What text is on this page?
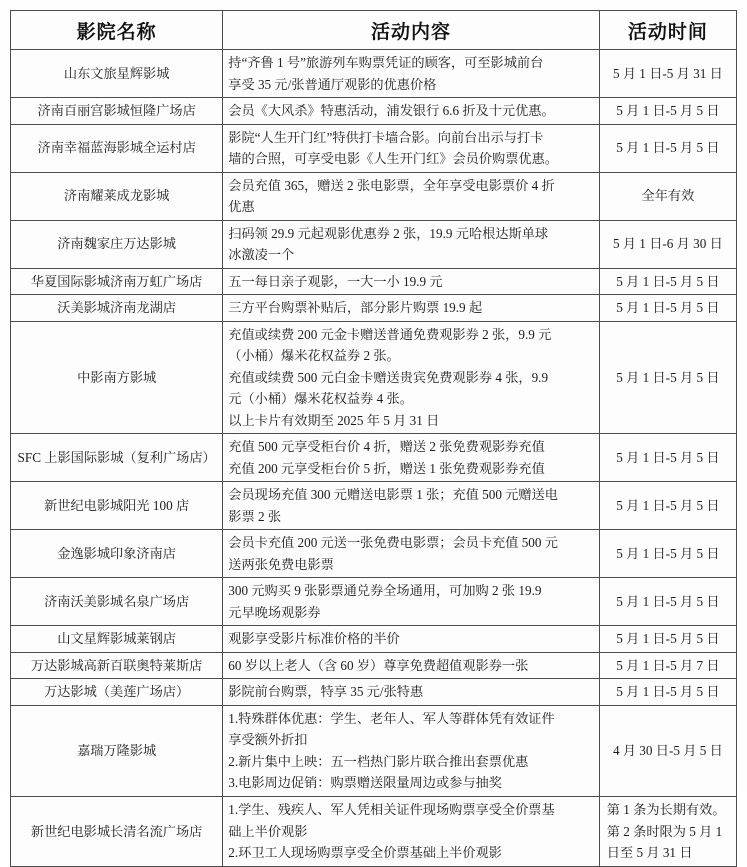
影院名称	活动内容	活动时间
山东文旅星辉影城	持“齐鲁 1 号”旅游列车购票凭证的顾客，可至影城前台
享受 35 元/张普通厅观影的优惠价格	5 月 1 日-5 月 31 日

济南百丽宫影城恒隆广场店	会员《大风杀》特惠活动，浦发银行 6.6 折及十元优惠。	5 月 1 日-5 月 5 日

济南幸福蓝海影城全运村店	影院“人生开门红”特供打卡墙合影。向前台出示与打卡
墙的合照，可享受电影《人生开门红》会员价购票优惠。	5 月 1 日-5 月 5 日

济南耀莱成龙影城	会员充值 365，赠送 2 张电影票，全年享受电影票价 4 折
优惠	全年有效

济南魏家庄万达影城	扫码领 29.9 元起观影优惠券 2 张，19.9 元哈根达斯单球
冰激凌一个	5 月 1 日-6 月 30 日

华夏国际影城济南万虹广场店	五一每日亲子观影，一大一小 19.9 元	5 月 1 日-5 月 5 日

沃美影城济南龙湖店	三方平台购票补贴后，部分影片购票 19.9 起	5 月 1 日-5 月 5 日

中影南方影城	充值或续费 200 元金卡赠送普通免费观影券 2 张，9.9 元
（小桶）爆米花权益券 2 张。
充值或续费 500 元白金卡赠送贵宾免费观影券 4 张，9.9
元（小桶）爆米花权益券 4 张。
以上卡片有效期至 2025 年 5 月 31 日	5 月 1 日-5 月 5 日

SFC 上影国际影城（复利广场店）	充值 500 元享受柜台价 4 折，赠送 2 张免费观影券充值
充值 200 元享受柜台价 5 折，赠送 1 张免费观影券充值	5 月 1 日-5 月 5 日

新世纪电影城阳光 100 店	会员现场充值 300 元赠送电影票 1 张；充值 500 元赠送电
影票 2 张	5 月 1 日-5 月 5 日

金逸影城印象济南店	会员卡充值 200 元送一张免费电影票；会员卡充值 500 元
送两张免费电影票	5 月 1 日-5 月 5 日

济南沃美影城名泉广场店	300 元购买 9 张影票通兑券全场通用，可加购 2 张 19.9
元早晚场观影券	5 月 1 日-5 月 5 日

山文星辉影城莱钢店	观影享受影片标准价格的半价	5 月 1 日-5 月 5 日

万达影城高新百联奥特莱斯店	60 岁以上老人（含 60 岁）尊享免费超值观影券一张	5 月 1 日-5 月 7 日

万达影城（美莲广场店）	影院前台购票，特享 35 元/张特惠	5 月 1 日-5 月 5 日

嘉瑞万隆影城	1.特殊群体优惠：学生、老年人、军人等群体凭有效证件
享受额外折扣
2.新片集中上映：五一档热门影片联合推出套票优惠
3.电影周边促销：购票赠送限量周边或参与抽奖	4 月 30 日-5 月 5 日

新世纪电影城长清名流广场店	1.学生、残疾人、军人凭相关证件现场购票享受全价票基
础上半价观影
2.环卫工人现场购票享受全价票基础上半价观影	第 1 条为长期有效。
第 2 条时限为 5 月 1
日至 5 月 31 日
